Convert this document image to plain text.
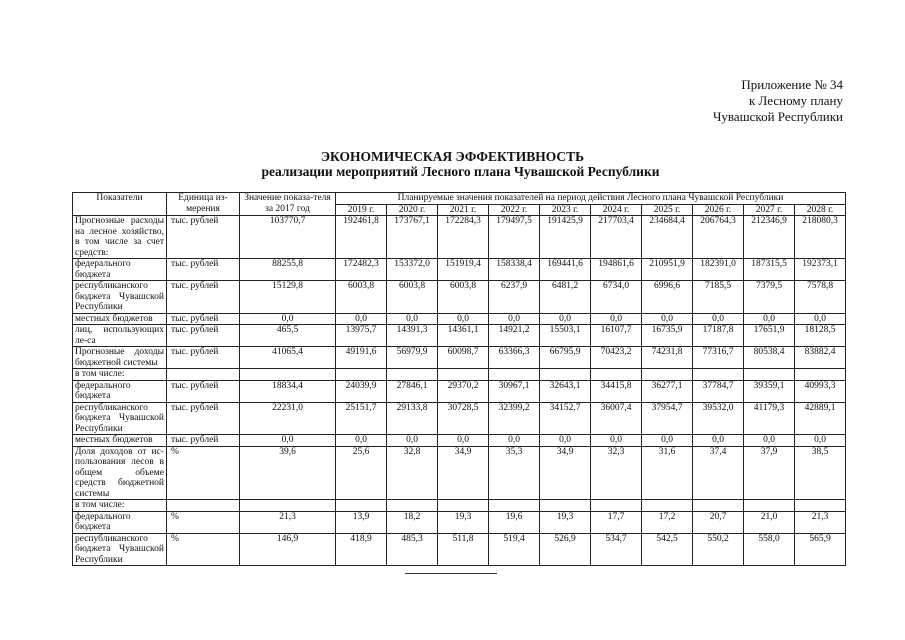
Приложение № 34
к Лесному плану
Чувашской Республики
ЭКОНОМИЧЕСКАЯ ЭФФЕКТИВНОСТЬ
реализации мероприятий Лесного плана Чувашской Республики
Показатели	Единица из-мерения	Значение показа-теля за 2017 год	Планируемые значения показателей на период действия Лесного плана Чувашской Республики									
			2019 г.	2020 г.	2021 г.	2022 г.	2023 г.	2024 г.	2025 г.	2026 г.	2027 г.	2028 г.
Прогнозные расходы на лесное хозяйство, в том числе за счет средств:	тыс. рублей	103770,7	192461,8	173767,1	172284,3	179497,5	191425,9	217703,4	234684,4	206764,3	212346,9	218080,3
федерального бюджета	тыс. рублей	88255,8	172482,3	153372,0	151919,4	158338,4	169441,6	194861,6	210951,9	182391,0	187315,5	192373,1
республиканского бюджета Чувашской Республики	тыс. рублей	15129,8	6003,8	6003,8	6003,8	6237,9	6481,2	6734,0	6996,6	7185,5	7379,5	7578,8
местных бюджетов	тыс. рублей	0,0	0,0	0,0	0,0	0,0	0,0	0,0	0,0	0,0	0,0	0,0
лиц, использующих ле-са	тыс. рублей	465,5	13975,7	14391,3	14361,1	14921,2	15503,1	16107,7	16735,9	17187,8	17651,9	18128,5
Прогнозные доходы бюджетной системы	тыс. рублей	41065,4	49191,6	56979,9	60098,7	63366,3	66795,9	70423,2	74231,8	77316,7	80538,4	83882,4
в том числе:												
федерального бюджета	тыс. рублей	18834,4	24039,9	27846,1	29370,2	30967,1	32643,1	34415,8	36277,1	37784,7	39359,1	40993,3
республиканского бюджета Чувашской Республики	тыс. рублей	22231,0	25151,7	29133,8	30728,5	32399,2	34152,7	36007,4	37954,7	39532,0	41179,3	42889,1
местных бюджетов	тыс. рублей	0,0	0,0	0,0	0,0	0,0	0,0	0,0	0,0	0,0	0,0	0,0
Доля доходов от ис-пользования лесов в общем объеме средств бюджетной системы	%	39,6	25,6	32,8	34,9	35,3	34,9	32,3	31,6	37,4	37,9	38,5
в том числе:												
федерального бюджета	%	21,3	13,9	18,2	19,3	19,6	19,3	17,7	17,2	20,7	21,0	21,3
республиканского бюджета Чувашской Республики	%	146,9	418,9	485,3	511,8	519,4	526,9	534,7	542,5	550,2	558,0	565,9
